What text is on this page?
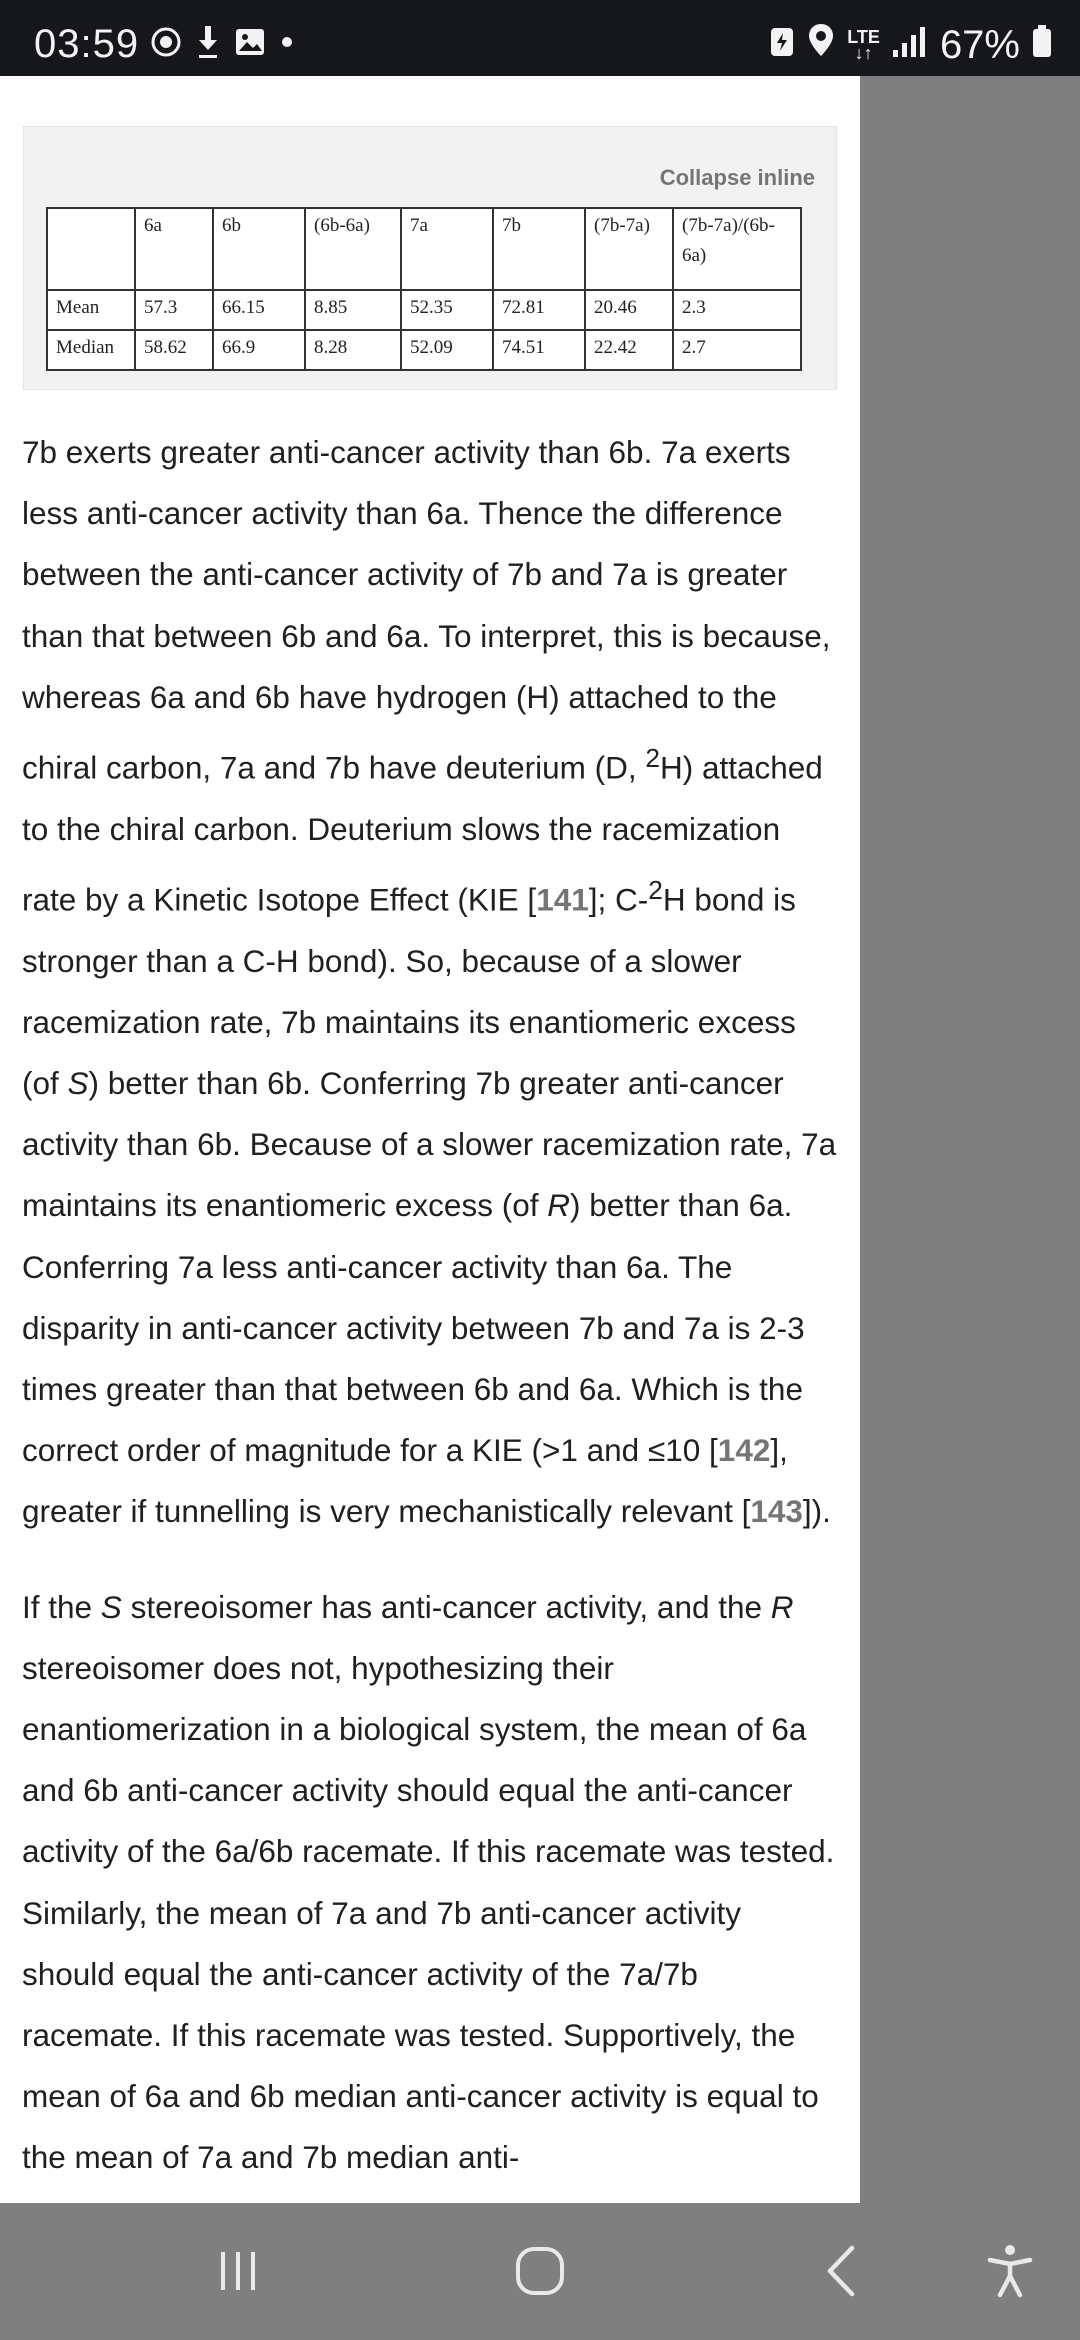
03:59	LTE
↓↑ 67%
Collapse inline
	6a	6b	(6b-6a)	7a	7b	(7b-7a)	(7b-7a)/(6b-6a)
Mean	57.3	66.15	8.85	52.35	72.81	20.46	2.3
Median	58.62	66.9	8.28	52.09	74.51	22.42	2.7

7b exerts greater anti-cancer activity than 6b. 7a exerts less anti-cancer activity than 6a. Thence the difference between the anti-cancer activity of 7b and 7a is greater than that between 6b and 6a. To interpret, this is because, whereas 6a and 6b have hydrogen (H) attached to the chiral carbon, 7a and 7b have deuterium (D, $^2$H) attached to the chiral carbon. Deuterium slows the racemization rate by a Kinetic Isotope Effect (KIE [141]; C-$^2$H bond is stronger than a C-H bond). So, because of a slower racemization rate, 7b maintains its enantiomeric excess (of S) better than 6b. Conferring 7b greater anti-cancer activity than 6b. Because of a slower racemization rate, 7a maintains its enantiomeric excess (of R) better than 6a. Conferring 7a less anti-cancer activity than 6a. The disparity in anti-cancer activity between 7b and 7a is 2-3 times greater than that between 6b and 6a. Which is the correct order of magnitude for a KIE (>1 and ≤10 [142], greater if tunnelling is very mechanistically relevant [143]).

If the S stereoisomer has anti-cancer activity, and the R stereoisomer does not, hypothesizing their enantiomerization in a biological system, the mean of 6a and 6b anti-cancer activity should equal the anti-cancer activity of the 6a/6b racemate. If this racemate was tested. Similarly, the mean of 7a and 7b anti-cancer activity should equal the anti-cancer activity of the 7a/7b racemate. If this racemate was tested. Supportively, the mean of 6a and 6b median anti-cancer activity is equal to the mean of 7a and 7b median anti-
